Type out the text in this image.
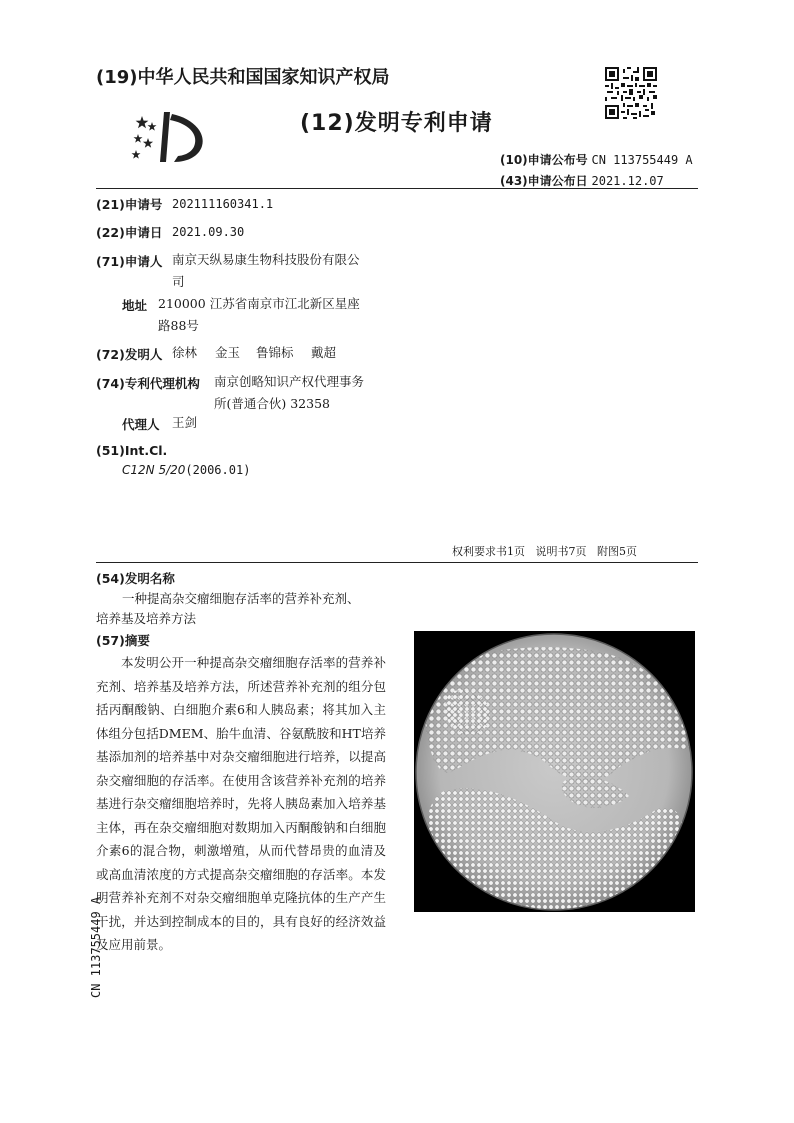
(19)中华人民共和国国家知识产权局
(12)发明专利申请
(10)申请公布号 CN 113755449 A
(43)申请公布日 2021.12.07
(21)申请号 202111160341.1
(22)申请日 2021.09.30
(71)申请人 南京天纵易康生物科技股份有限公
司
地址 210000 江苏省南京市江北新区星座
路88号
(72)发明人 徐林 金玉 鲁锦标 戴超
(74)专利代理机构 南京创略知识产权代理事务
所(普通合伙) 32358
代理人 王剑
(51)Int.Cl.
C12N 5/20(2006.01)
权利要求书1页   说明书7页   附图5页
(54)发明名称
一种提高杂交瘤细胞存活率的营养补充剂、
培养基及培养方法
(57)摘要
本发明公开一种提高杂交瘤细胞存活率的营养补充剂、培养基及培养方法，所述营养补充剂的组分包括丙酮酸钠、白细胞介素6和人胰岛素；将其加入主体组分包括DMEM、胎牛血清、谷氨酰胺和HT培养基添加剂的培养基中对杂交瘤细胞进行培养，以提高杂交瘤细胞的存活率。在使用含该营养补充剂的培养基进行杂交瘤细胞培养时，先将人胰岛素加入培养基主体，再在杂交瘤细胞对数期加入丙酮酸钠和白细胞介素6的混合物，刺激增殖，从而代替昂贵的血清及或高血清浓度的方式提高杂交瘤细胞的存活率。本发明营养补充剂不对杂交瘤细胞单克隆抗体的生产产生干扰，并达到控制成本的目的，具有良好的经济效益及应用前景。
CN 113755449 A
